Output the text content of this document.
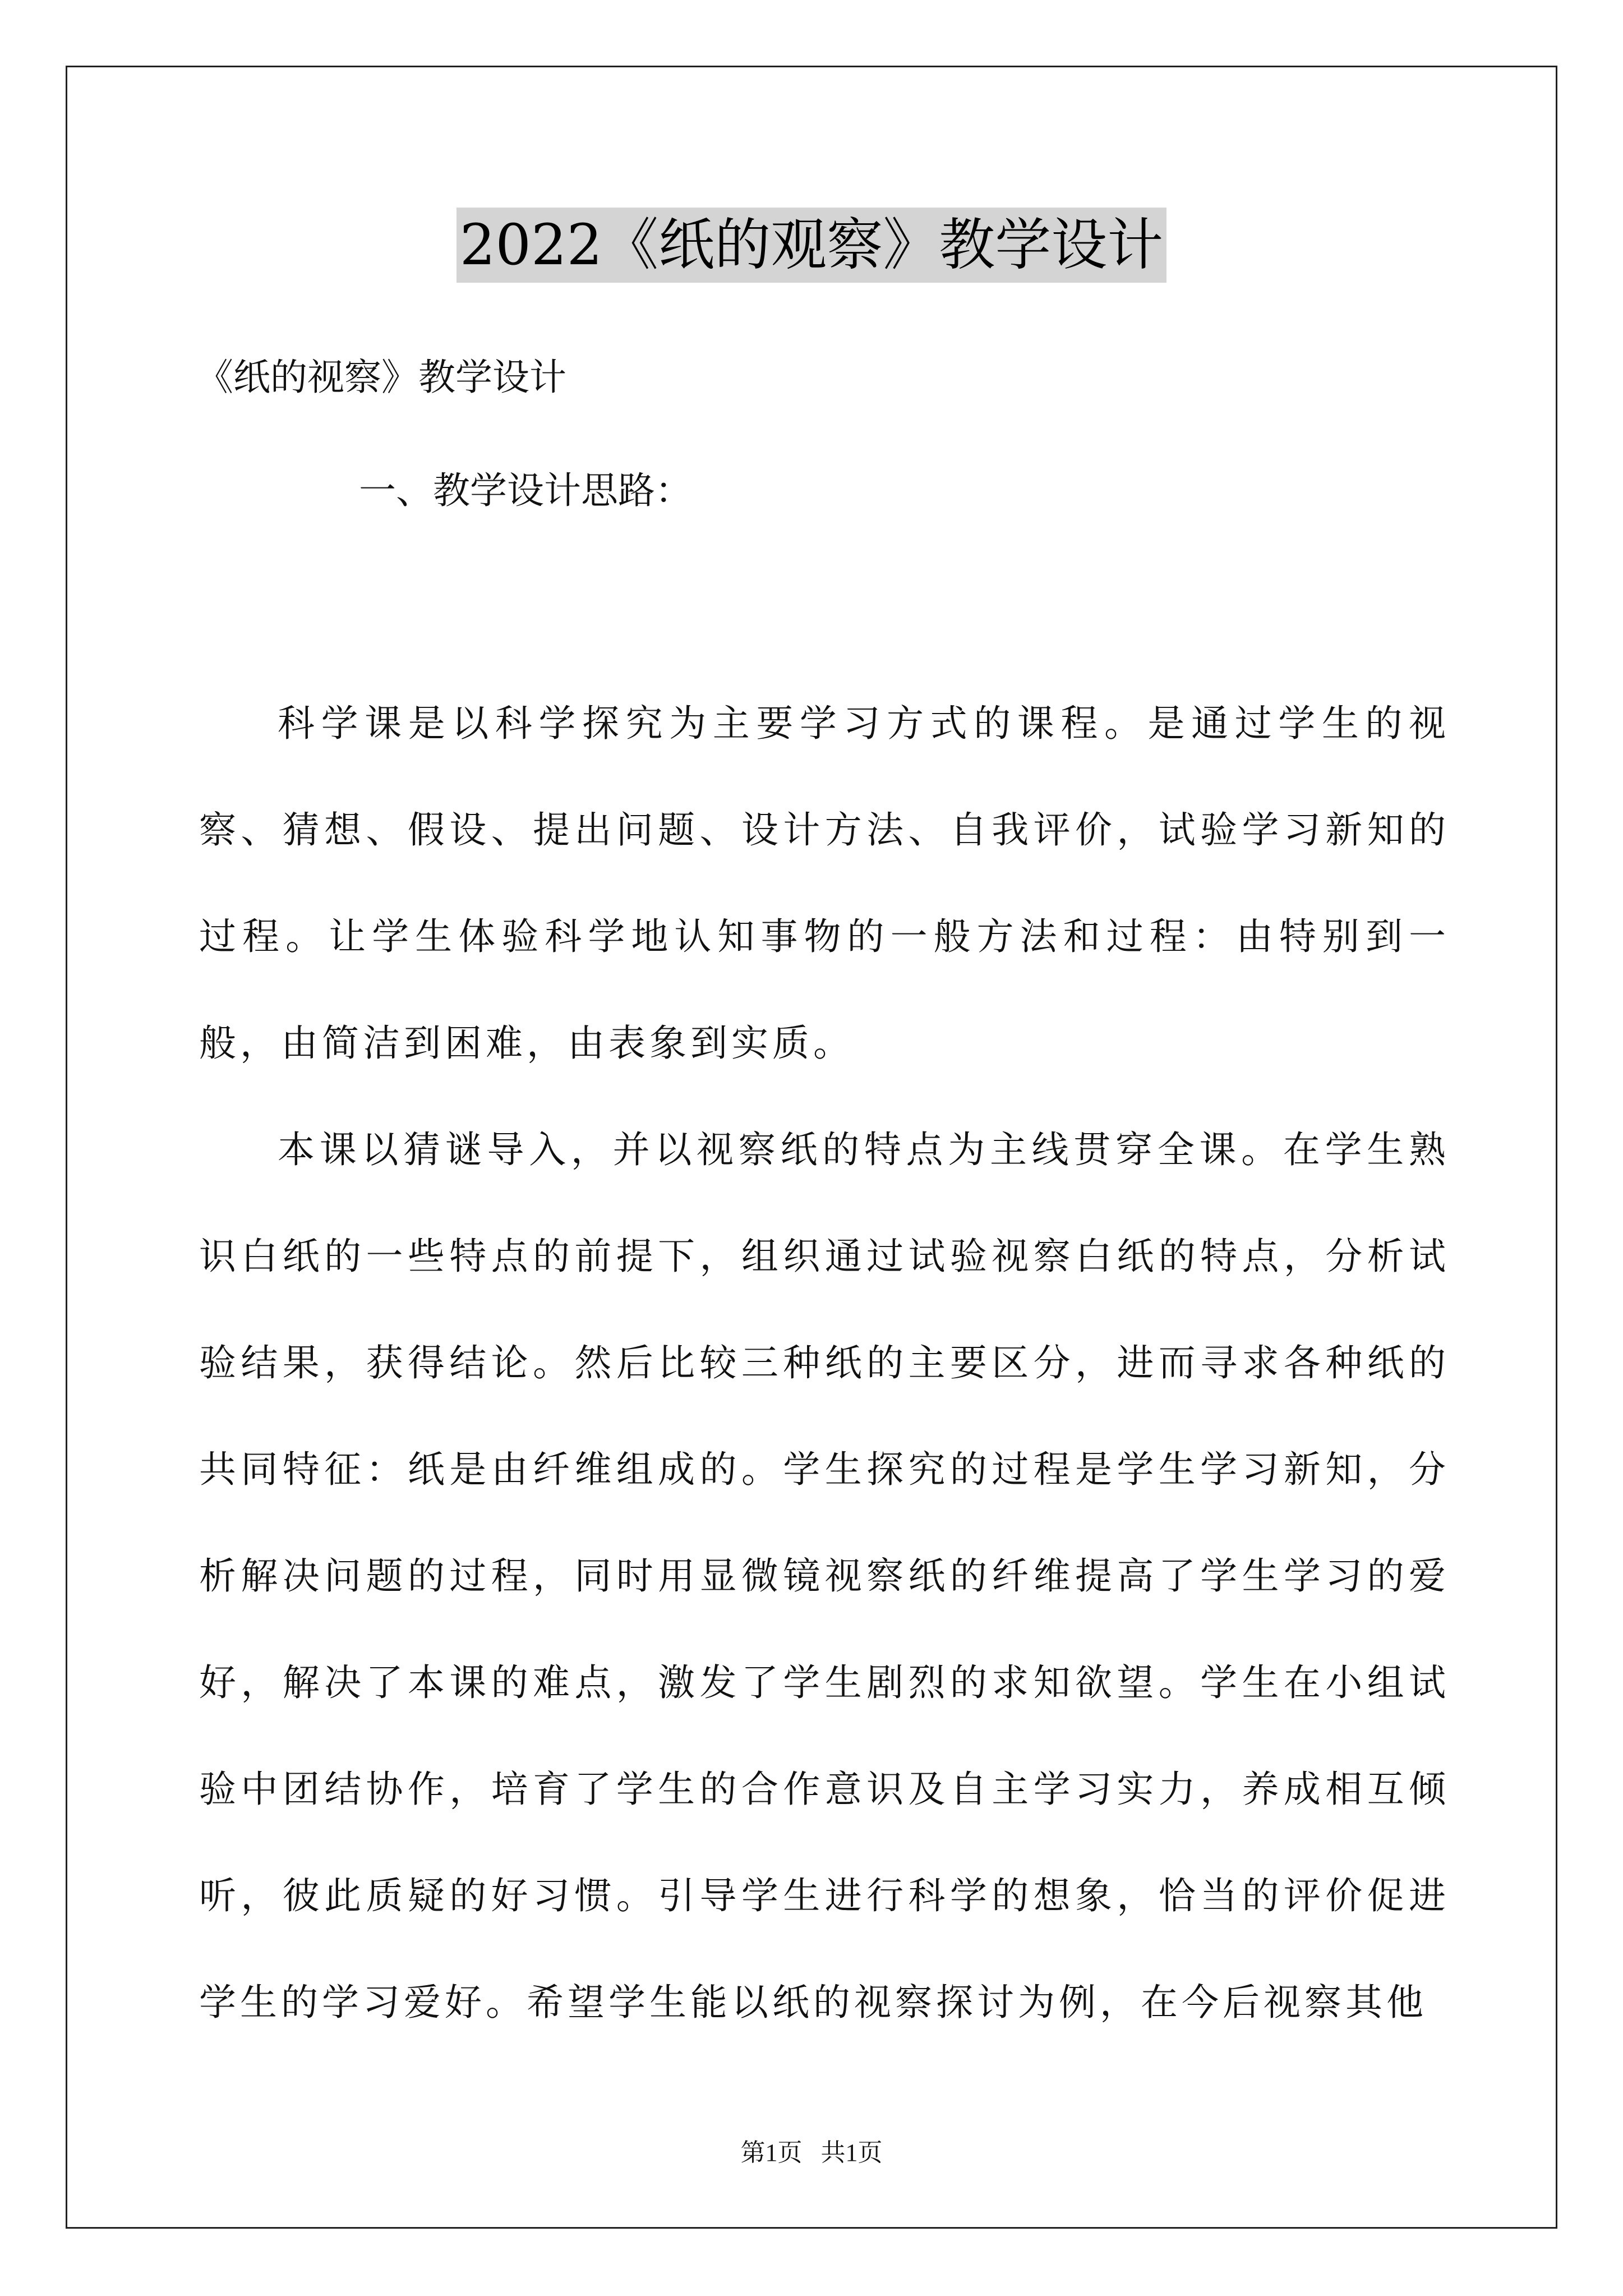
2022《纸的观察》教学设计
《纸的视察》教学设计
一、教学设计思路：

科学课是以科学探究为主要学习方式的课程。是通过学生的视察、猜想、假设、提出问题、设计方法、自我评价，试验学习新知的过程。让学生体验科学地认知事物的一般方法和过程：由特别到一般，由简洁到困难，由表象到实质。

本课以猜谜导入，并以视察纸的特点为主线贯穿全课。在学生熟识白纸的一些特点的前提下，组织通过试验视察白纸的特点，分析试验结果，获得结论。然后比较三种纸的主要区分，进而寻求各种纸的共同特征：纸是由纤维组成的。学生探究的过程是学生学习新知，分析解决问题的过程，同时用显微镜视察纸的纤维提高了学生学习的爱好，解决了本课的难点，激发了学生剧烈的求知欲望。学生在小组试验中团结协作，培育了学生的合作意识及自主学习实力，养成相互倾听，彼此质疑的好习惯。引导学生进行科学的想象，恰当的评价促进学生的学习爱好。希望学生能以纸的视察探讨为例，在今后视察其他

第1页   共1页
